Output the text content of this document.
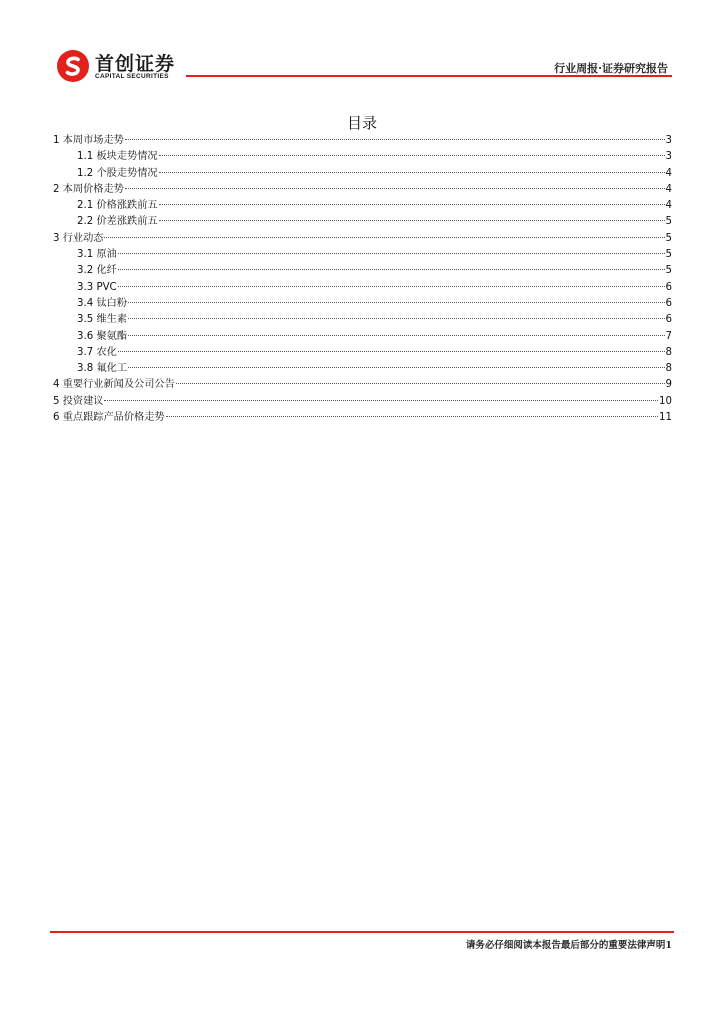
首创证券
CAPITAL SECURITIES
行业周报·证券研究报告
目录
1 本周市场走势	3
1.1 板块走势情况	3
1.2 个股走势情况	4
2 本周价格走势	4
2.1 价格涨跌前五	4
2.2 价差涨跌前五	5
3 行业动态	5
3.1 原油	5
3.2 化纤	5
3.3 PVC	6
3.4 钛白粉	6
3.5 维生素	6
3.6 聚氨酯	7
3.7 农化	8
3.8 氟化工	8
4 重要行业新闻及公司公告	9
5 投资建议	10
6 重点跟踪产品价格走势	11
请务必仔细阅读本报告最后部分的重要法律声明1
